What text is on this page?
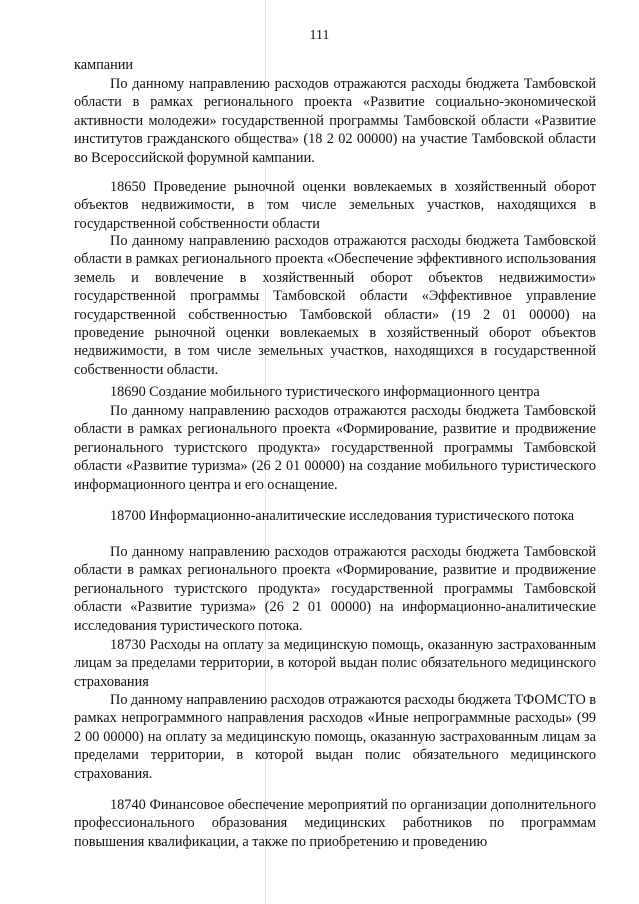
111

кампании

По данному направлению расходов отражаются расходы бюджета Тамбовской области в рамках регионального проекта «Развитие социально-экономической активности молодежи» государственной программы Тамбовской области «Развитие институтов гражданского общества» (18 2 02 00000) на участие Тамбовской области во Всероссийской форумной кампании.

18650 Проведение рыночной оценки вовлекаемых в хозяйственный оборот объектов недвижимости, в том числе земельных участков, находящихся в государственной собственности области

По данному направлению расходов отражаются расходы бюджета Тамбовской области в рамках регионального проекта «Обеспечение эффективного использования земель и вовлечение в хозяйственный оборот объектов недвижимости» государственной программы Тамбовской области «Эффективное управление государственной собственностью Тамбовской области» (19 2 01 00000) на проведение рыночной оценки вовлекаемых в хозяйственный оборот объектов недвижимости, в том числе земельных участков, находящихся в государственной собственности области.

18690 Создание мобильного туристического информационного центра

По данному направлению расходов отражаются расходы бюджета Тамбовской области в рамках регионального проекта «Формирование, развитие и продвижение регионального туристского продукта» государственной программы Тамбовской области «Развитие туризма» (26 2 01 00000) на создание мобильного туристического информационного центра и его оснащение.

18700 Информационно-аналитические исследования туристического потока

По данному направлению расходов отражаются расходы бюджета Тамбовской области в рамках регионального проекта «Формирование, развитие и продвижение регионального туристского продукта» государственной программы Тамбовской области «Развитие туризма» (26 2 01 00000) на информационно-аналитические исследования туристического потока.

18730 Расходы на оплату за медицинскую помощь, оказанную застрахованным лицам за пределами территории, в которой выдан полис обязательного медицинского страхования

По данному направлению расходов отражаются расходы бюджета ТФОМСТО в рамках непрограммного направления расходов «Иные непрограммные расходы» (99 2 00 00000) на оплату за медицинскую помощь, оказанную застрахованным лицам за пределами территории, в которой выдан полис обязательного медицинского страхования.

18740 Финансовое обеспечение мероприятий по организации дополнительного профессионального образования медицинских работников по программам повышения квалификации, а также по приобретению и проведению
